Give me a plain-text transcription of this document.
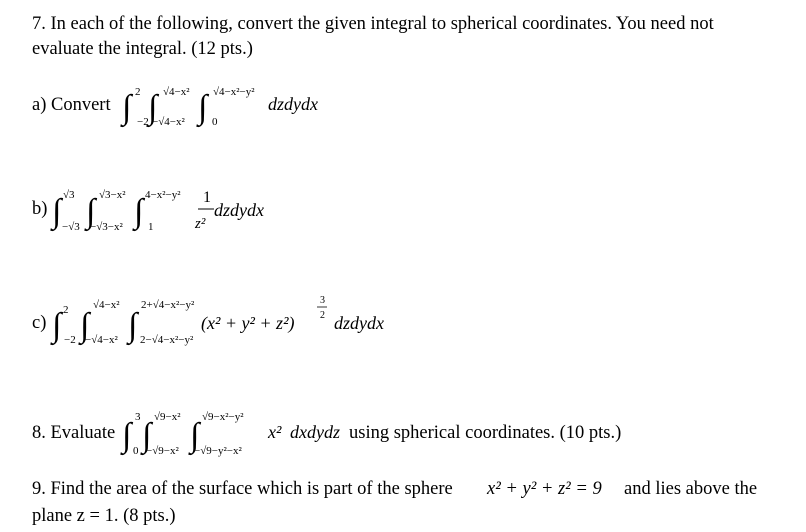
7. In each of the following, convert the given integral to spherical coordinates. You need not
evaluate the integral. (12 pts.)
a) Convert ∫ 2
−2 ∫ √4−x²
−√4−x² ∫ √4−x²−y²
0
dzdydx
b) ∫ √3
−√3 ∫ √3−x²
−√3−x² ∫ 4−x²−y²
1
1
z²
dzdydx
c) ∫ 2
−2 ∫
√4−x²
−√4−x² ∫
2+√4−x²−y²
2−√4−x²−y²
(x² + y² + z²)
3
2 dzdydx
8. Evaluate ∫ 3
0 ∫ √9−x²
−√9−x² ∫ √9−x²−y²
−√9−y²−x²
x² dxdydz using spherical coordinates. (10 pts.)
9. Find the area of the surface which is part of the sphere x² + y² + z² = 9 and lies above the
plane z = 1. (8 pts.)
